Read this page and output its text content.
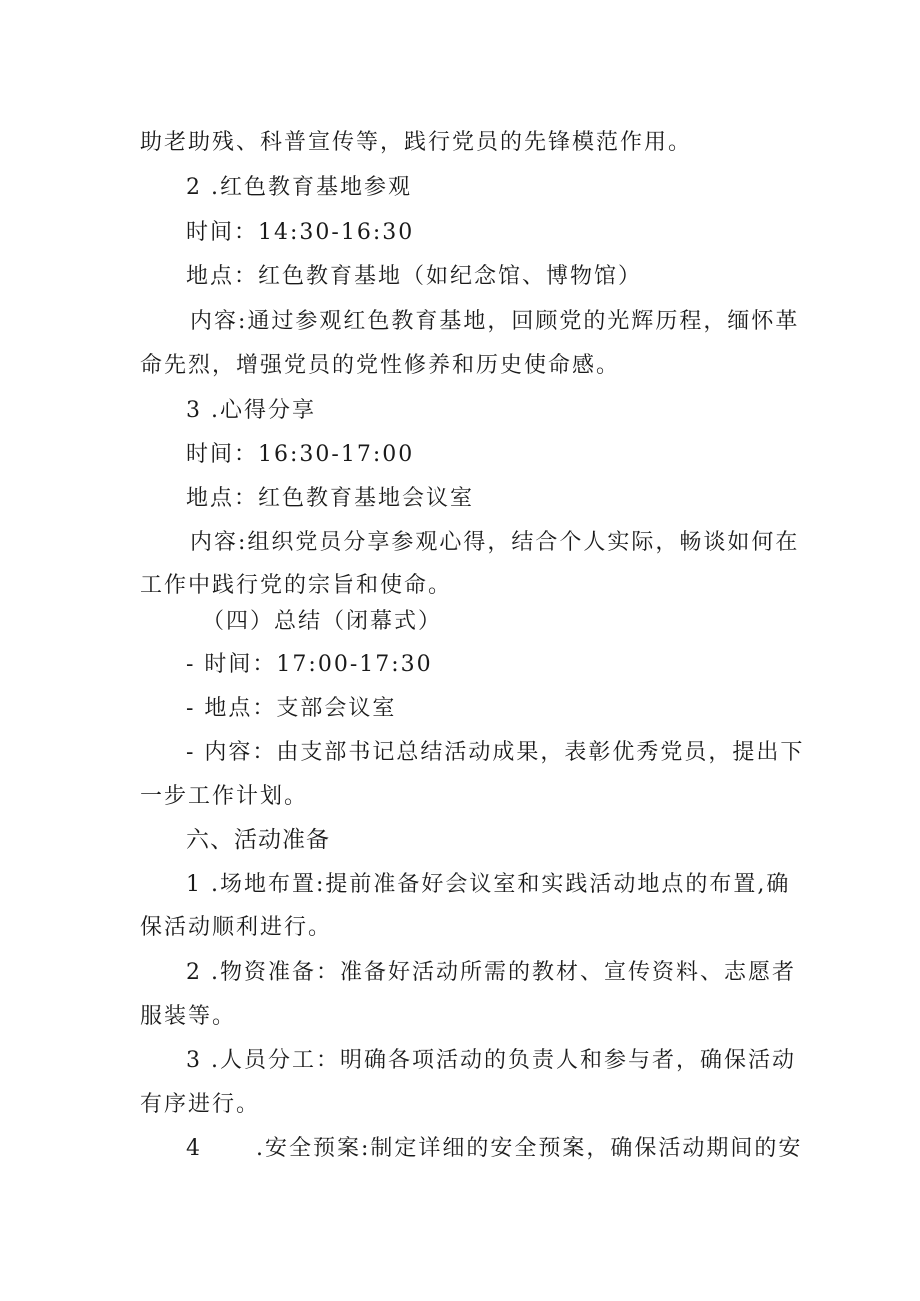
助老助残、科普宣传等，践行党员的先锋模范作用。
2 .红色教育基地参观
时间：14:30-16:30
地点：红色教育基地（如纪念馆、博物馆）
内容:通过参观红色教育基地，回顾党的光辉历程，缅怀革
命先烈，增强党员的党性修养和历史使命感。
3 .心得分享
时间：16:30-17:00
地点：红色教育基地会议室
内容:组织党员分享参观心得，结合个人实际，畅谈如何在
工作中践行党的宗旨和使命。
（四）总结（闭幕式）
- 时间：17:00-17:30
- 地点：支部会议室
- 内容：由支部书记总结活动成果，表彰优秀党员，提出下
一步工作计划。
六、活动准备
1 .场地布置:提前准备好会议室和实践活动地点的布置,确
保活动顺利进行。
2 .物资准备：准备好活动所需的教材、宣传资料、志愿者
服装等。
3 .人员分工：明确各项活动的负责人和参与者，确保活动
有序进行。
4      .安全预案:制定详细的安全预案，确保活动期间的安
